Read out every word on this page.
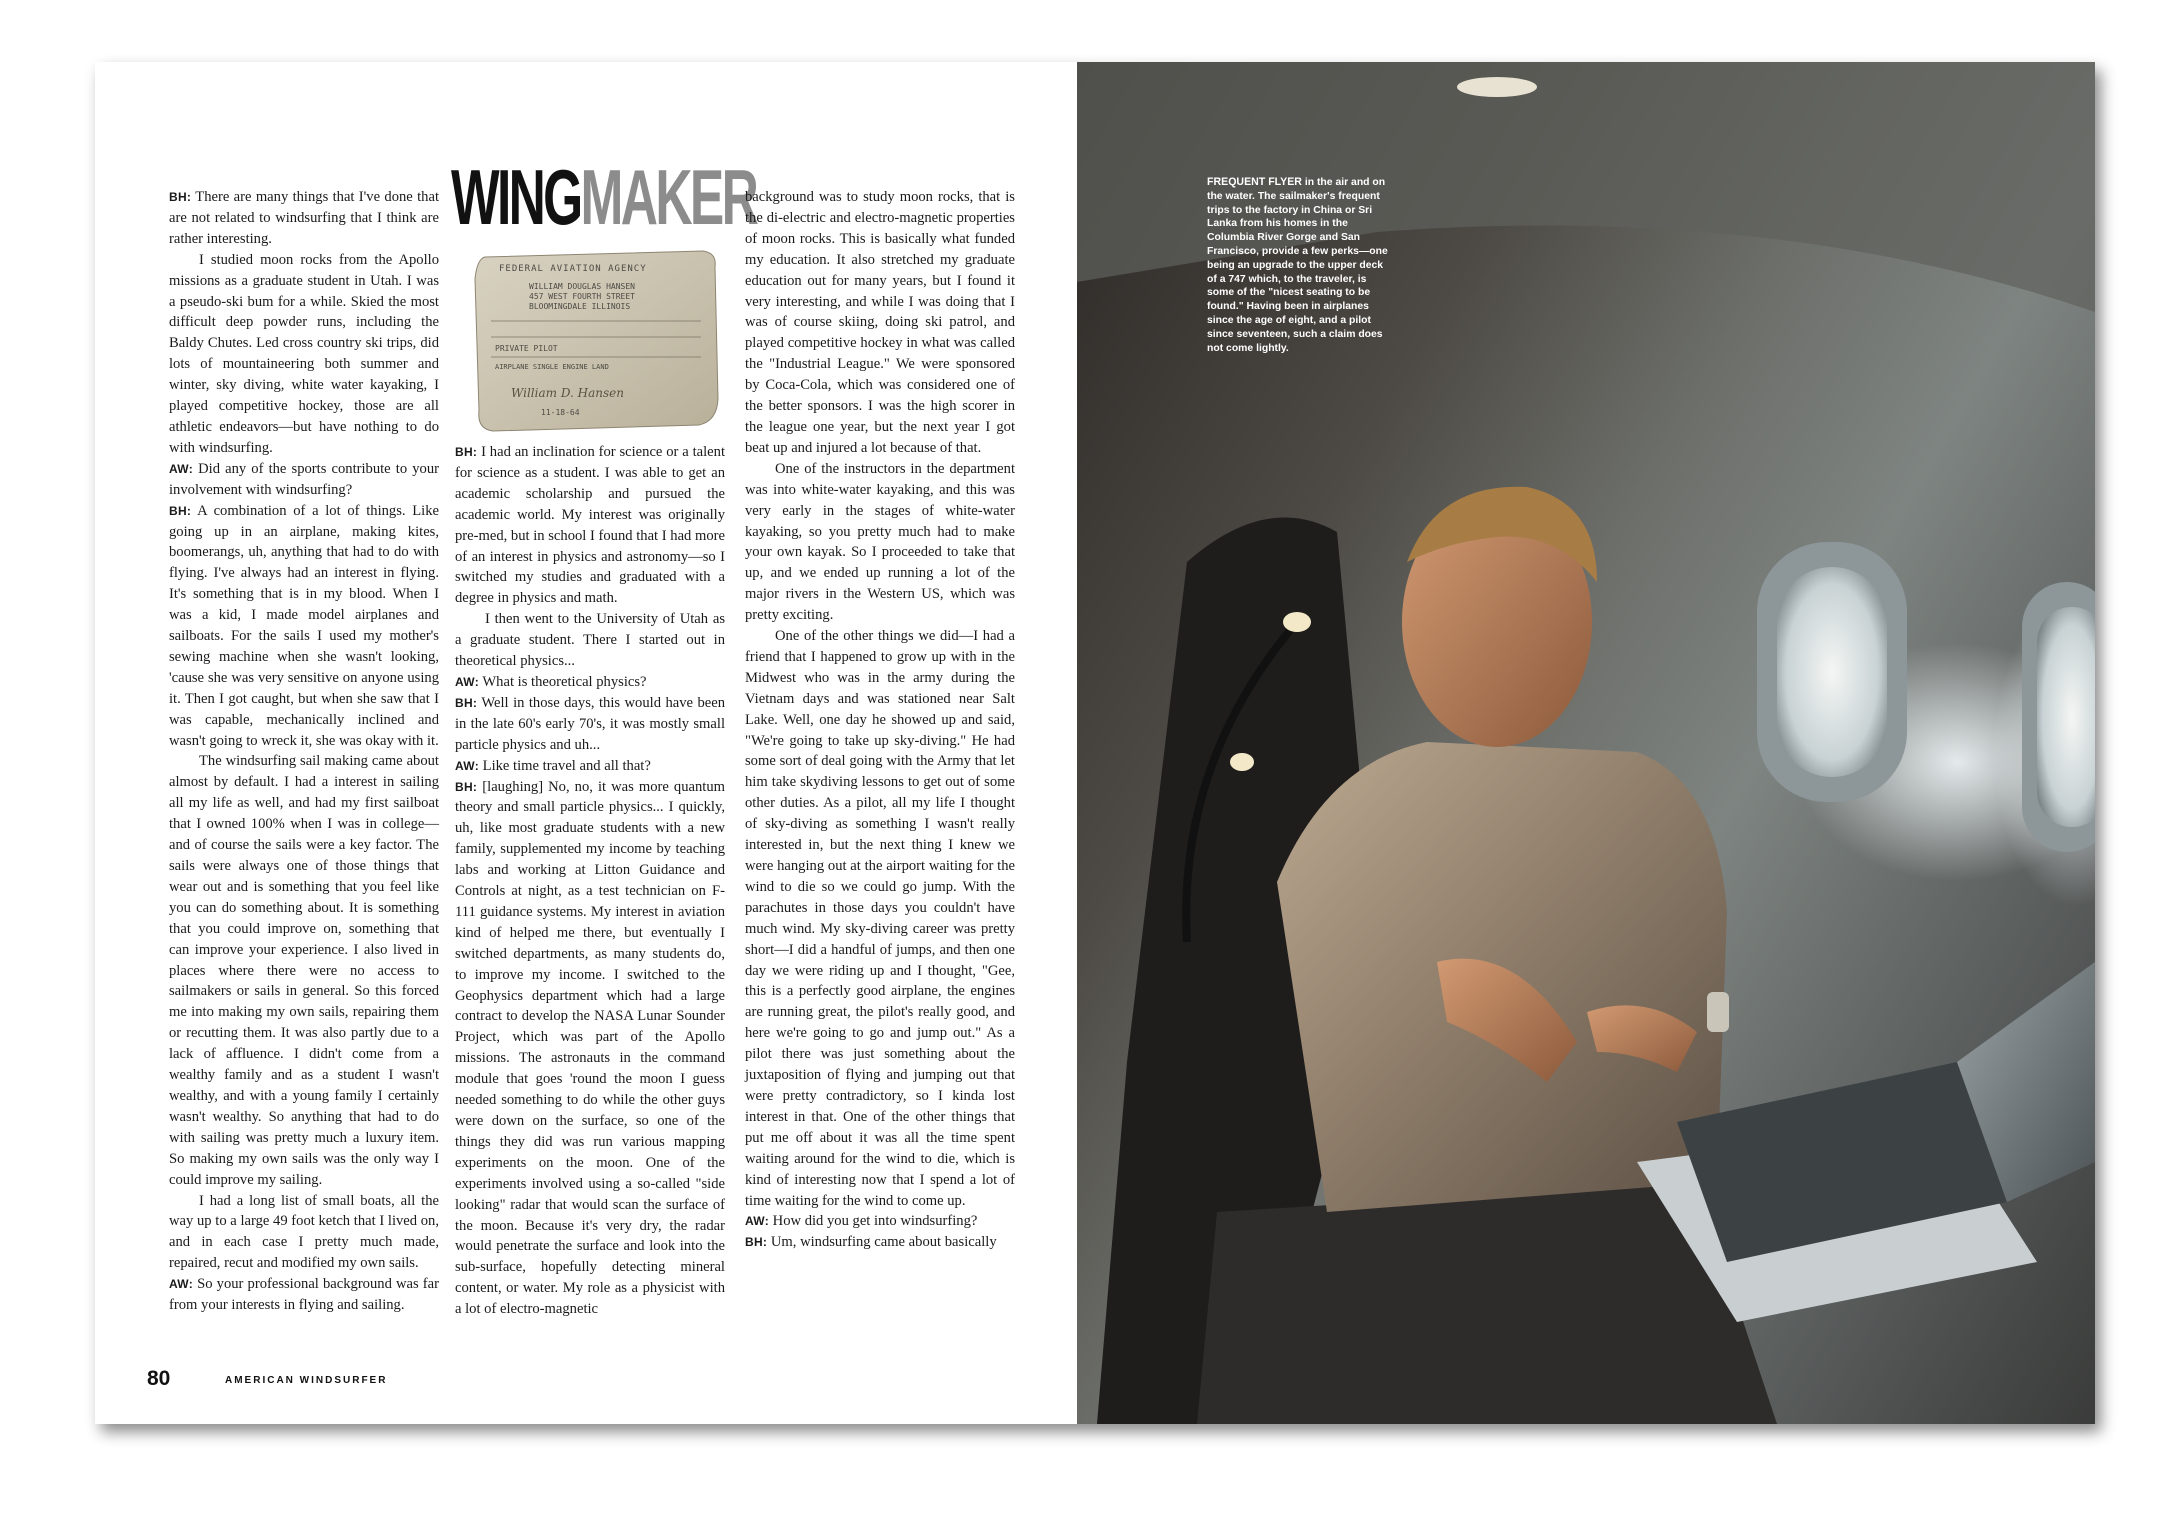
WINGMAKER
FEDERAL AVIATION AGENCY
WILLIAM DOUGLAS HANSEN
457 WEST FOURTH STREET
BLOOMINGDALE ILLINOIS
PRIVATE PILOT
AIRPLANE SINGLE ENGINE LAND
William D. Hansen
11-18-64

BH: There are many things that I've done that are not related to windsurfing that I think are rather interesting.

I studied moon rocks from the Apollo missions as a graduate student in Utah. I was a pseudo-ski bum for a while. Skied the most difficult deep powder runs, including the Baldy Chutes. Led cross country ski trips, did lots of mountaineering both summer and winter, sky diving, white water kayaking, I played competitive hockey, those are all athletic endeavors—but have nothing to do with windsurfing.

AW: Did any of the sports contribute to your involvement with windsurfing?

BH: A combination of a lot of things. Like going up in an airplane, making kites, boomerangs, uh, anything that had to do with flying. I've always had an interest in flying. It's something that is in my blood. When I was a kid, I made model airplanes and sailboats. For the sails I used my mother's sewing machine when she wasn't looking, 'cause she was very sensitive on anyone using it. Then I got caught, but when she saw that I was capable, mechanically inclined and wasn't going to wreck it, she was okay with it.

The windsurfing sail making came about almost by default. I had a interest in sailing all my life as well, and had my first sailboat that I owned 100% when I was in college—and of course the sails were a key factor. The sails were always one of those things that wear out and is something that you feel like you can do something about. It is something that you could improve on, something that can improve your experience. I also lived in places where there were no access to sailmakers or sails in general. So this forced me into making my own sails, repairing them or recutting them. It was also partly due to a lack of affluence. I didn't come from a wealthy family and as a student I wasn't wealthy, and with a young family I certainly wasn't wealthy. So anything that had to do with sailing was pretty much a luxury item. So making my own sails was the only way I could improve my sailing.

I had a long list of small boats, all the way up to a large 49 foot ketch that I lived on, and in each case I pretty much made, repaired, recut and modified my own sails.

AW: So your professional background was far from your interests in flying and sailing.

BH: I had an inclination for science or a talent for science as a student. I was able to get an academic scholarship and pursued the academic world. My interest was originally pre-med, but in school I found that I had more of an interest in physics and astronomy—so I switched my studies and graduated with a degree in physics and math.

I then went to the University of Utah as a graduate student. There I started out in theoretical physics...

AW: What is theoretical physics?

BH: Well in those days, this would have been in the late 60's early 70's, it was mostly small particle physics and uh...

AW: Like time travel and all that?

BH: [laughing] No, no, it was more quantum theory and small particle physics... I quickly, uh, like most graduate students with a new family, supplemented my income by teaching labs and working at Litton Guidance and Controls at night, as a test technician on F-111 guidance systems. My interest in aviation kind of helped me there, but eventually I switched departments, as many students do, to improve my income. I switched to the Geophysics department which had a large contract to develop the NASA Lunar Sounder Project, which was part of the Apollo missions. The astronauts in the command module that goes 'round the moon I guess needed something to do while the other guys were down on the surface, so one of the things they did was run various mapping experiments on the moon. One of the experiments involved using a so-called "side looking" radar that would scan the surface of the moon. Because it's very dry, the radar would penetrate the surface and look into the sub-surface, hopefully detecting mineral content, or water. My role as a physicist with a lot of electro-magnetic

background was to study moon rocks, that is the di-electric and electro-magnetic properties of moon rocks. This is basically what funded my education. It also stretched my graduate education out for many years, but I found it very interesting, and while I was doing that I was of course skiing, doing ski patrol, and played competitive hockey in what was called the "Industrial League." We were sponsored by Coca-Cola, which was considered one of the better sponsors. I was the high scorer in the league one year, but the next year I got beat up and injured a lot because of that.

One of the instructors in the department was into white-water kayaking, and this was very early in the stages of white-water kayaking, so you pretty much had to make your own kayak. So I proceeded to take that up, and we ended up running a lot of the major rivers in the Western US, which was pretty exciting.

One of the other things we did—I had a friend that I happened to grow up with in the Midwest who was in the army during the Vietnam days and was stationed near Salt Lake. Well, one day he showed up and said, "We're going to take up sky-diving." He had some sort of deal going with the Army that let him take skydiving lessons to get out of some other duties. As a pilot, all my life I thought of sky-diving as something I wasn't really interested in, but the next thing I knew we were hanging out at the airport waiting for the wind to die so we could go jump. With the parachutes in those days you couldn't have much wind. My sky-diving career was pretty short—I did a handful of jumps, and then one day we were riding up and I thought, "Gee, this is a perfectly good airplane, the engines are running great, the pilot's really good, and here we're going to go and jump out." As a pilot there was just something about the juxtaposition of flying and jumping out that were pretty contradictory, so I kinda lost interest in that. One of the other things that put me off about it was all the time spent waiting around for the wind to die, which is kind of interesting now that I spend a lot of time waiting for the wind to come up.

AW: How did you get into windsurfing?

BH: Um, windsurfing came about basically

80	AMERICAN WINDSURFER
FREQUENT FLYER in the air and on the water. The sailmaker's frequent trips to the factory in China or Sri Lanka from his homes in the Columbia River Gorge and San Francisco, provide a few perks—one being an upgrade to the upper deck of a 747 which, to the traveler, is some of the "nicest seating to be found." Having been in airplanes since the age of eight, and a pilot since seventeen, such a claim does not come lightly.
